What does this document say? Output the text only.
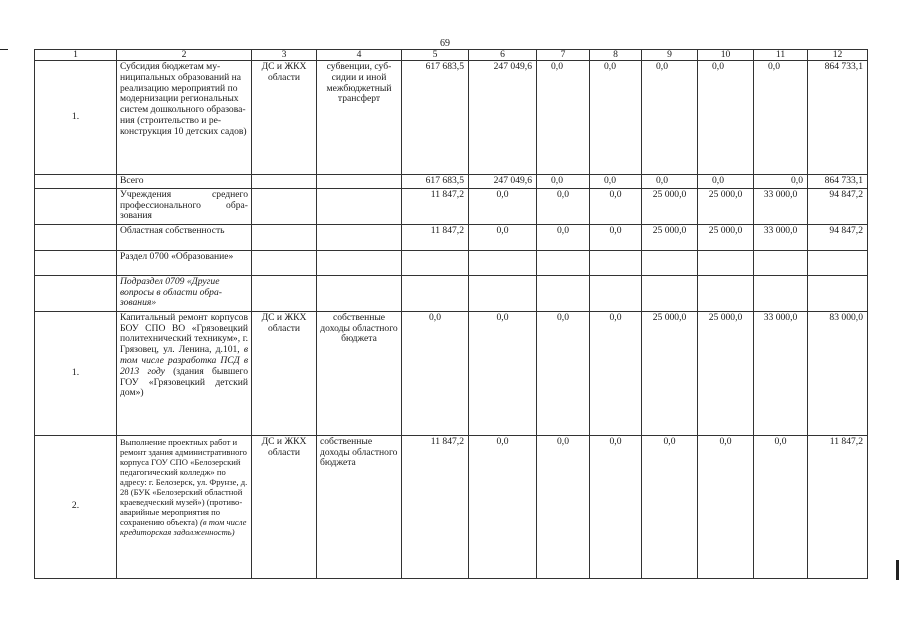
69
1	2	3	4	5	6	7	8	9	10	11	12
1.	Субсидия бюджетам муниципальных образований на реализацию мероприятий по модернизации региональных систем дошкольного образования (строительство и реконструкция 10 детских садов)	ДС и ЖКХ области	субвенции, субсидии и иной межбюджетный трансферт	617 683,5	247 049,6	0,0	0,0	0,0	0,0	0,0	864 733,1
	Всего			617 683,5	247 049,6	0,0	0,0	0,0	0,0	0,0	864 733,1
	Учреждения среднего профессионального образования			11 847,2	0,0	0,0	0,0	25 000,0	25 000,0	33 000,0	94 847,2
	Областная собственность			11 847,2	0,0	0,0	0,0	25 000,0	25 000,0	33 000,0	94 847,2
	Раздел 0700 «Образование»										
	Подраздел 0709 «Другие вопросы в области образования»										
1.	Капитальный ремонт корпусов БОУ СПО ВО «Грязовецкий политехнический техникум», г. Грязовец, ул. Ленина, д.101, в том числе разработка ПСД в 2013 году (здания бывшего ГОУ «Грязовецкий детский дом»)	ДС и ЖКХ области	собственные доходы областного бюджета	0,0	0,0	0,0	0,0	25 000,0	25 000,0	33 000,0	83 000,0
2.	Выполнение проектных работ и ремонт здания административного корпуса ГОУ СПО «Белозерский педагогический колледж» по адресу: г. Белозерск, ул. Фрунзе, д. 28 (БУК «Белозерский областной краеведческий музей») (противоаварийные мероприятия по сохранению объекта) (в том числе кредиторская задолженность)	ДС и ЖКХ области	собственные доходы областного бюджета	11 847,2	0,0	0,0	0,0	0,0	0,0	0,0	11 847,2
